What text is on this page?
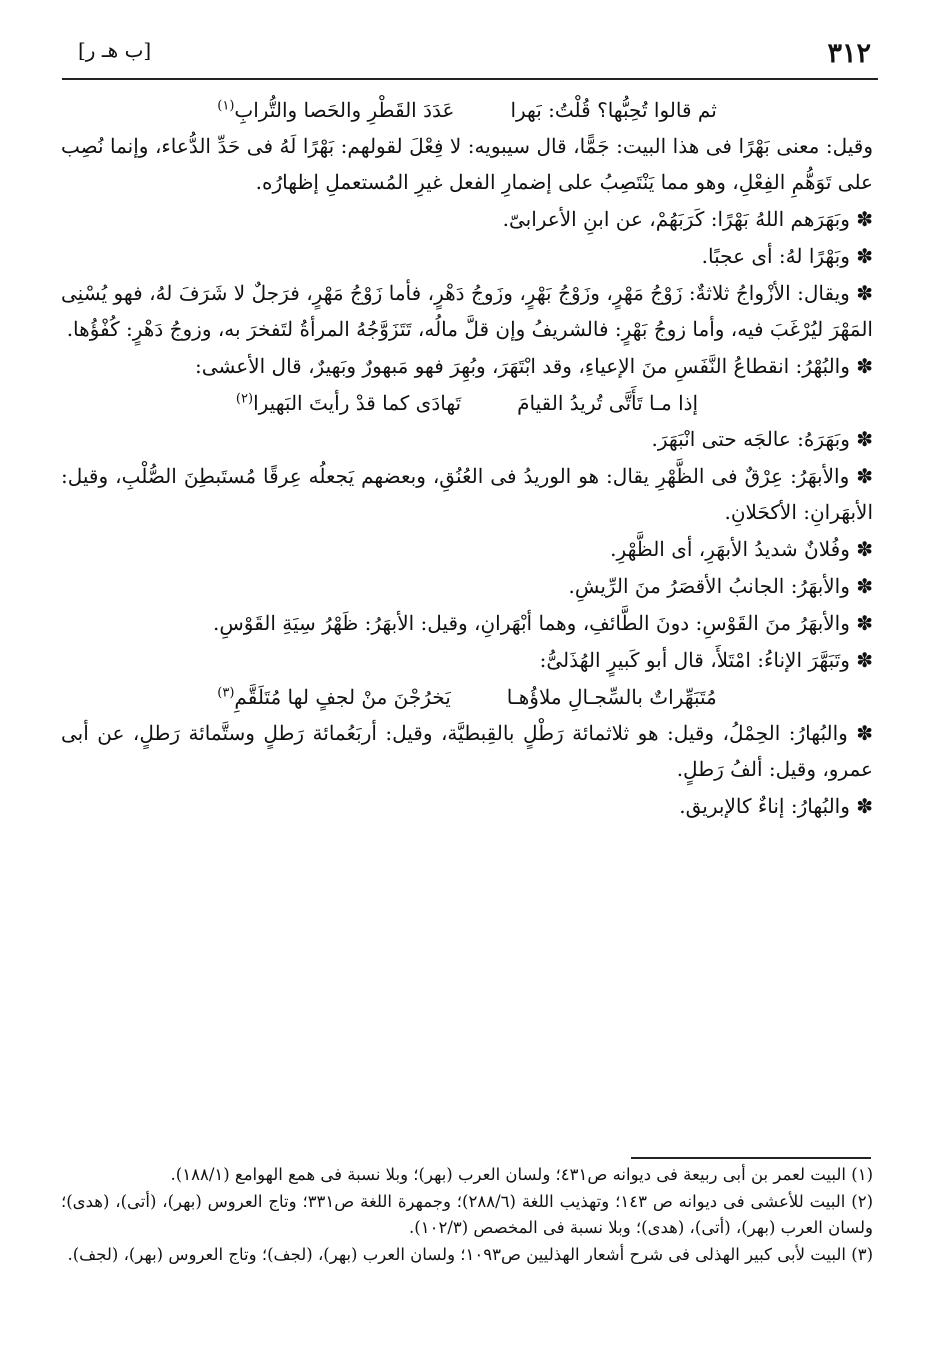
٣١٢
[ب هـ ر]
ثم قالوا تُحِبُّها؟ قُلْتُ: بَهرا
عَدَدَ القَطْرِ والحَصا والتُّرابِ$^{(١)}$

وقيل: معنى بَهْرًا فى هذا البيت: جَمًّا، قال سيبويه: لا فِعْلَ لقولهم: بَهْرًا لَهُ فى حَدِّ الدُّعاء، وإنما نُصِب على تَوَهُّمِ الفِعْلِ، وهو مما يَنْتَصِبُ على إضمارِ الفعل غيرِ المُستعملِ إظهارُه.

✽ وبَهَرَهم اللهُ بَهْرًا: كَرَبَهُمْ، عن ابنِ الأعرابىّ.

✽ وبَهْرًا لهُ: أى عجبًا.

✽ ويقال: الأزْواجُ ثلاثةٌ: زَوْجُ مَهْرٍ، وزَوْجُ بَهْرٍ، وزَوجُ دَهْرٍ، فأما زَوْجُ مَهْرٍ، فرَجلٌ لا شَرَفَ لهُ، فهو يُسْنِى المَهْرَ ليُرْغَبَ فيه، وأما زوجُ بَهْرٍ: فالشريفُ وإن قلَّ مالُه، تَتَزَوَّجُهُ المرأةُ لتَفخرَ به، وزوجُ دَهْرٍ: كُفْؤُها.

✽ والبُهْرُ: انقطاعُ النَّفَسِ منَ الإعياءِ، وقد ابْتَهَرَ، وبُهِرَ فهو مَبهورٌ وبَهيرٌ، قال الأعشى:

إذا مـا تَأَتَّى تُريدُ القيامَ
تَهادَى كما قدْ رأيتَ البَهيرا$^{(٢)}$

✽ وبَهَرَهُ: عالجَه حتى انْبَهَرَ.

✽ والأبهَرُ: عِرْقٌ فى الظَّهْرِ يقال: هو الوريدُ فى العُنُقِ، وبعضهم يَجعلُه عِرقًا مُستَبطِنَ الصُّلْبِ، وقيل: الأبهَرانِ: الأكحَلانِ.

✽ وفُلانٌ شديدُ الأبهَرِ، أى الظَّهْرِ.

✽ والأبهَرُ: الجانبُ الأقصَرُ منَ الرِّيشِ.

✽ والأبهَرُ منَ القَوْسِ: دونَ الطَّائفِ، وهما أبْهَرانِ، وقيل: الأبهَرُ: ظَهْرُ سِيَةِ القَوْسِ.

✽ وتَبَهَّرَ الإناءُ: امْتَلأَ، قال أبو كَبيرٍ الهُذَلىُّ:

مُتَبَهِّراتٌ بالسِّجـالِ ملاؤُهـا
يَخرُجْنَ منْ لجفٍ لها مُتَلَقَّمِ$^{(٣)}$

✽ والبُهارُ: الحِمْلُ، وقيل: هو ثلاثمائة رَطْلٍ بالقِبطيَّة، وقيل: أربَعُمائة رَطلٍ وستَّمائة رَطلٍ، عن أبى عمرو، وقيل: ألفُ رَطلٍ.

✽ والبُهارُ: إناءٌ كالإبريق.

(١) البيت لعمر بن أبى ربيعة فى ديوانه ص٤٣١؛ ولسان العرب (بهر)؛ وبلا نسبة فى همع الهوامع (١٨٨/١).

(٢) البيت للأعشى فى ديوانه ص ١٤٣؛ وتهذيب اللغة (٢٨٨/٦)؛ وجمهرة اللغة ص٣٣١؛ وتاج العروس (بهر)، (أتى)، (هدى)؛ ولسان العرب (بهر)، (أتى)، (هدى)؛ وبلا نسبة فى المخصص (١٠٢/٣).

(٣) البيت لأبى كبير الهذلى فى شرح أشعار الهذليين ص١٠٩٣؛ ولسان العرب (بهر)، (لجف)؛ وتاج العروس (بهر)، (لجف).
